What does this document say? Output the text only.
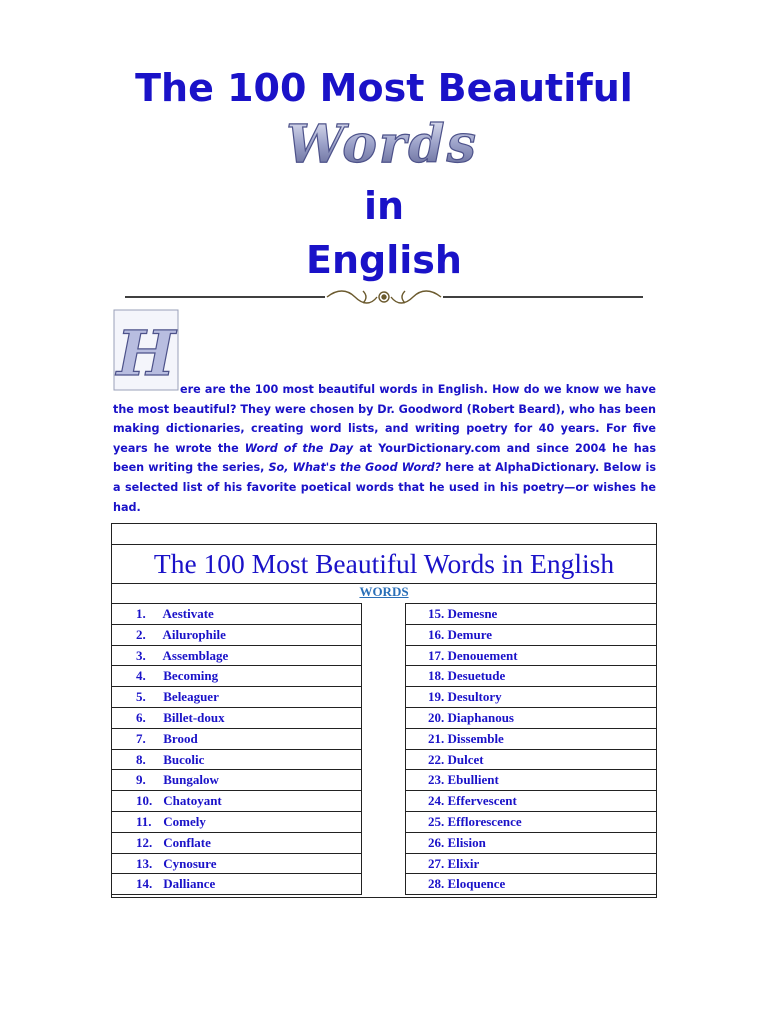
The 100 Most Beautiful
Words
in
English
H ere are the 100 most beautiful words in English. How do we know we have the most beautiful? They were chosen by Dr. Goodword (Robert Beard), who has been making dictionaries, creating word lists, and writing poetry for 40 years. For five years he wrote the Word of the Day at YourDictionary.com and since 2004 he has been writing the series, So, What's the Good Word? here at AlphaDictionary. Below is a selected list of his favorite poetical words that he used in his poetry—or wishes he had.

The 100 Most Beautiful Words in English
WORDS
1. Aestivate
2. Ailurophile
3. Assemblage
4. Becoming
5. Beleaguer
6. Billet-doux
7. Brood
8. Bucolic
9. Bungalow
10. Chatoyant
11. Comely
12. Conflate
13. Cynosure
14. Dalliance
15. Demesne
16. Demure
17. Denouement
18. Desuetude
19. Desultory
20. Diaphanous
21. Dissemble
22. Dulcet
23. Ebullient
24. Effervescent
25. Efflorescence
26. Elision
27. Elixir
28. Eloquence
